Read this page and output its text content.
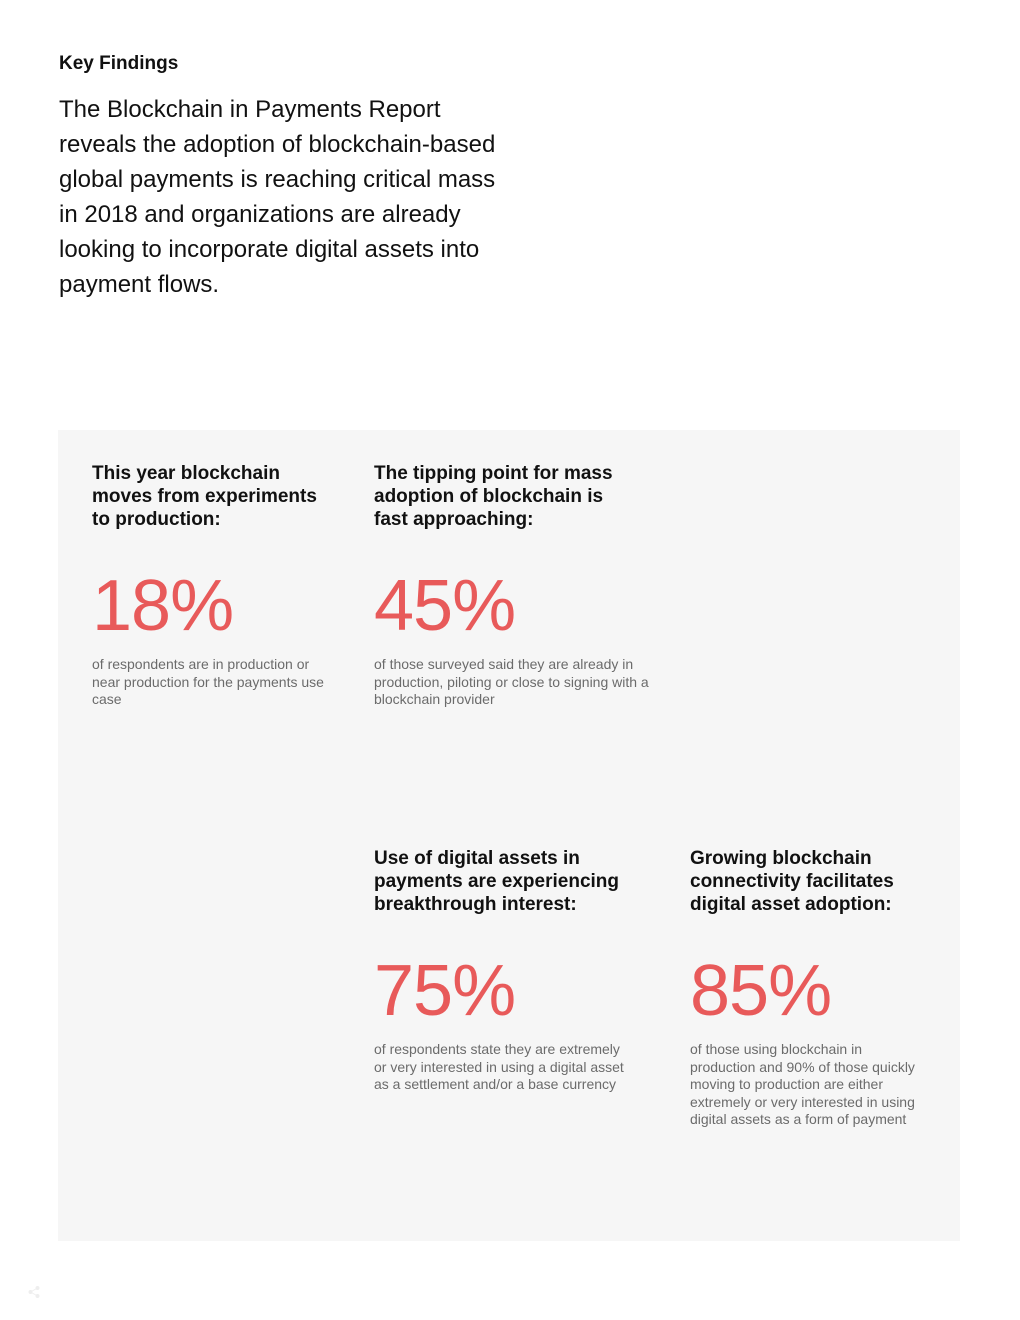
Key Findings
The Blockchain in Payments Report reveals the adoption of blockchain-based global payments is reaching critical mass in 2018 and organizations are already looking to incorporate digital assets into payment flows.
This year blockchain moves from experiments to production:
18%
of respondents are in production or near production for the payments use case
The tipping point for mass adoption of blockchain is fast approaching:
45%
of those surveyed said they are already in production, piloting or close to signing with a blockchain provider
Use of digital assets in payments are experiencing breakthrough interest:
75%
of respondents state they are extremely or very interested in using a digital asset as a settlement and/or a base currency
Growing blockchain connectivity facilitates digital asset adoption:
85%
of those using blockchain in production and 90% of those quickly moving to production are either extremely or very interested in using digital assets as a form of payment
